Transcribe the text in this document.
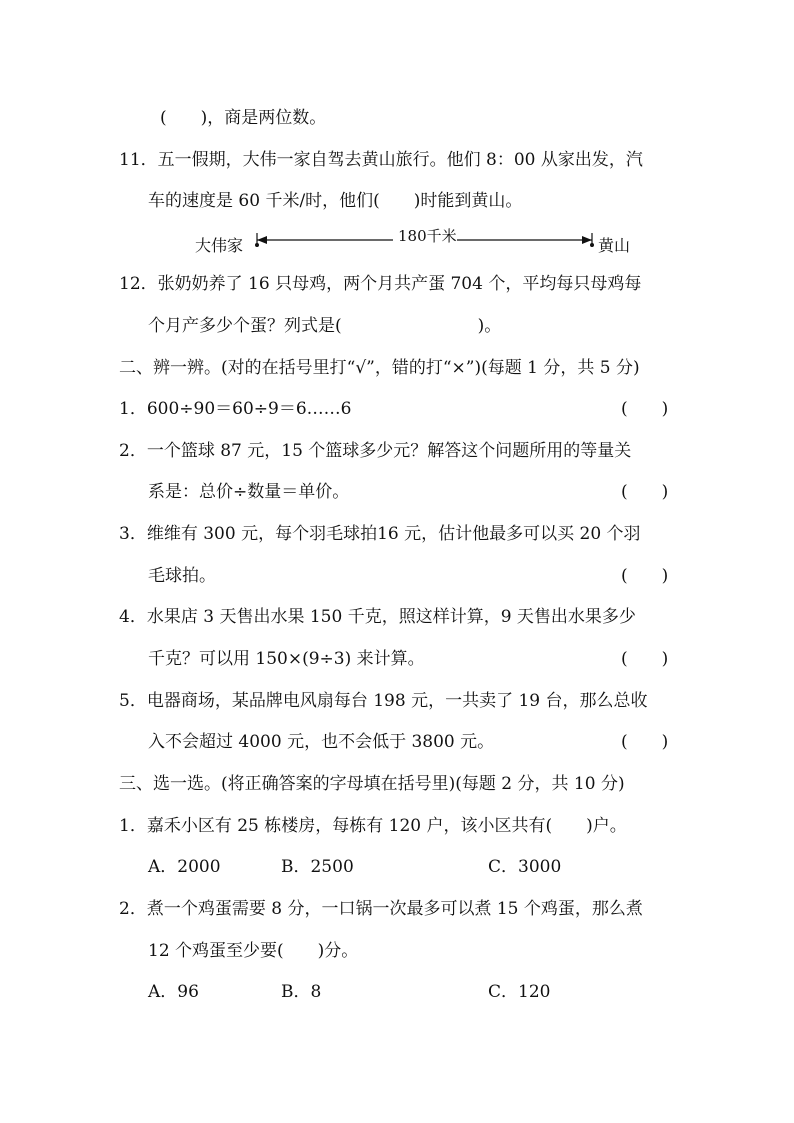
(　　)，商是两位数。
11．五一假期，大伟一家自驾去黄山旅行。他们 8：00 从家出发，汽
车的速度是 60 千米/时，他们(　　)时能到黄山。
大伟家	黄山
180千米
12．张奶奶养了 16 只母鸡，两个月共产蛋 704 个，平均每只母鸡每
个月产多少个蛋？列式是(　　　　　　　　)。
二、辨一辨。(对的在括号里打“√”，错的打“×”)(每题 1 分，共 5 分)
1．600÷90＝60÷9＝6……6	(　　)
2．一个篮球 87 元，15 个篮球多少元？解答这个问题所用的等量关
系是：总价÷数量＝单价。	(　　)
3．维维有 300 元，每个羽毛球拍16 元，估计他最多可以买 20 个羽
毛球拍。	(　　)
4．水果店 3 天售出水果 150 千克，照这样计算，9 天售出水果多少
千克？可以用 150×(9÷3) 来计算。	(　　)
5．电器商场，某品牌电风扇每台 198 元，一共卖了 19 台，那么总收
入不会超过 4000 元，也不会低于 3800 元。	(　　)
三、选一选。(将正确答案的字母填在括号里)(每题 2 分，共 10 分)
1．嘉禾小区有 25 栋楼房，每栋有 120 户，该小区共有(　　)户。
A．2000	B．2500	C．3000
2．煮一个鸡蛋需要 8 分，一口锅一次最多可以煮 15 个鸡蛋，那么煮
12 个鸡蛋至少要(　　)分。
A．96	B．8	C．120
